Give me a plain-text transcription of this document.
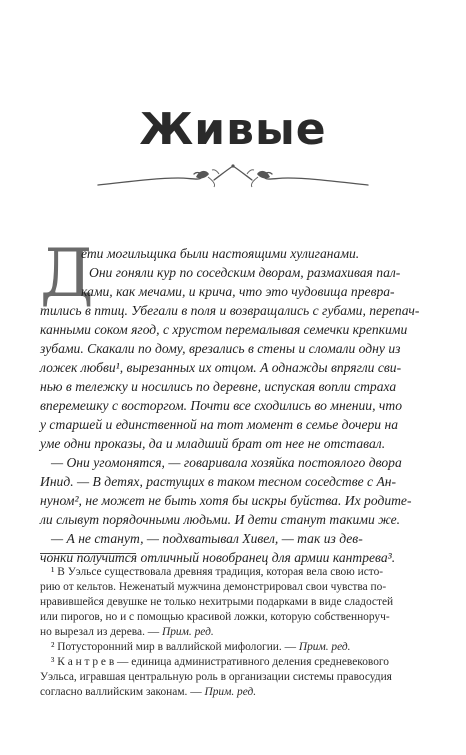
Живые
Д
ети могильщика были настоящими хулиганами.
Они гоняли кур по соседским дворам, размахивая пал-
ками, как мечами, и крича, что это чудовища превра-
тились в птиц. Убегали в поля и возвращались с губами, перепач-
канными соком ягод, с хрустом перемалывая семечки крепкими
зубами. Скакали по дому, врезались в стены и сломали одну из
ложек любви¹, вырезанных их отцом. А однажды впрягли сви-
нью в тележку и носились по деревне, испуская вопли страха
вперемешку с восторгом. Почти все сходились во мнении, что
у старшей и единственной на тот момент в семье дочери на
уме одни проказы, да и младший брат от нее не отставал.
— Они угомонятся, — говаривала хозяйка постоялого двора
Инид. — В детях, растущих в таком тесном соседстве с Ан-
нуном², не может не быть хотя бы искры буйства. Их родите-
ли слывут порядочными людьми. И дети станут такими же.
— А не станут, — подхватывал Хивел, — так из дев-
чонки получится отличный новобранец для армии кантрева³.
¹ В Уэльсе существовала древняя традиция, которая вела свою исто-
рию от кельтов. Неженатый мужчина демонстрировал свои чувства по-
нравившейся девушке не только нехитрыми подарками в виде сладостей
или пирогов, но и с помощью красивой ложки, которую собственноруч-
но вырезал из дерева. — Прим. ред.
² Потусторонний мир в валлийской мифологии. — Прим. ред.
³ К а н т р е в — единица административного деления средневекового
Уэльса, игравшая центральную роль в организации системы правосудия
согласно валлийским законам. — Прим. ред.
